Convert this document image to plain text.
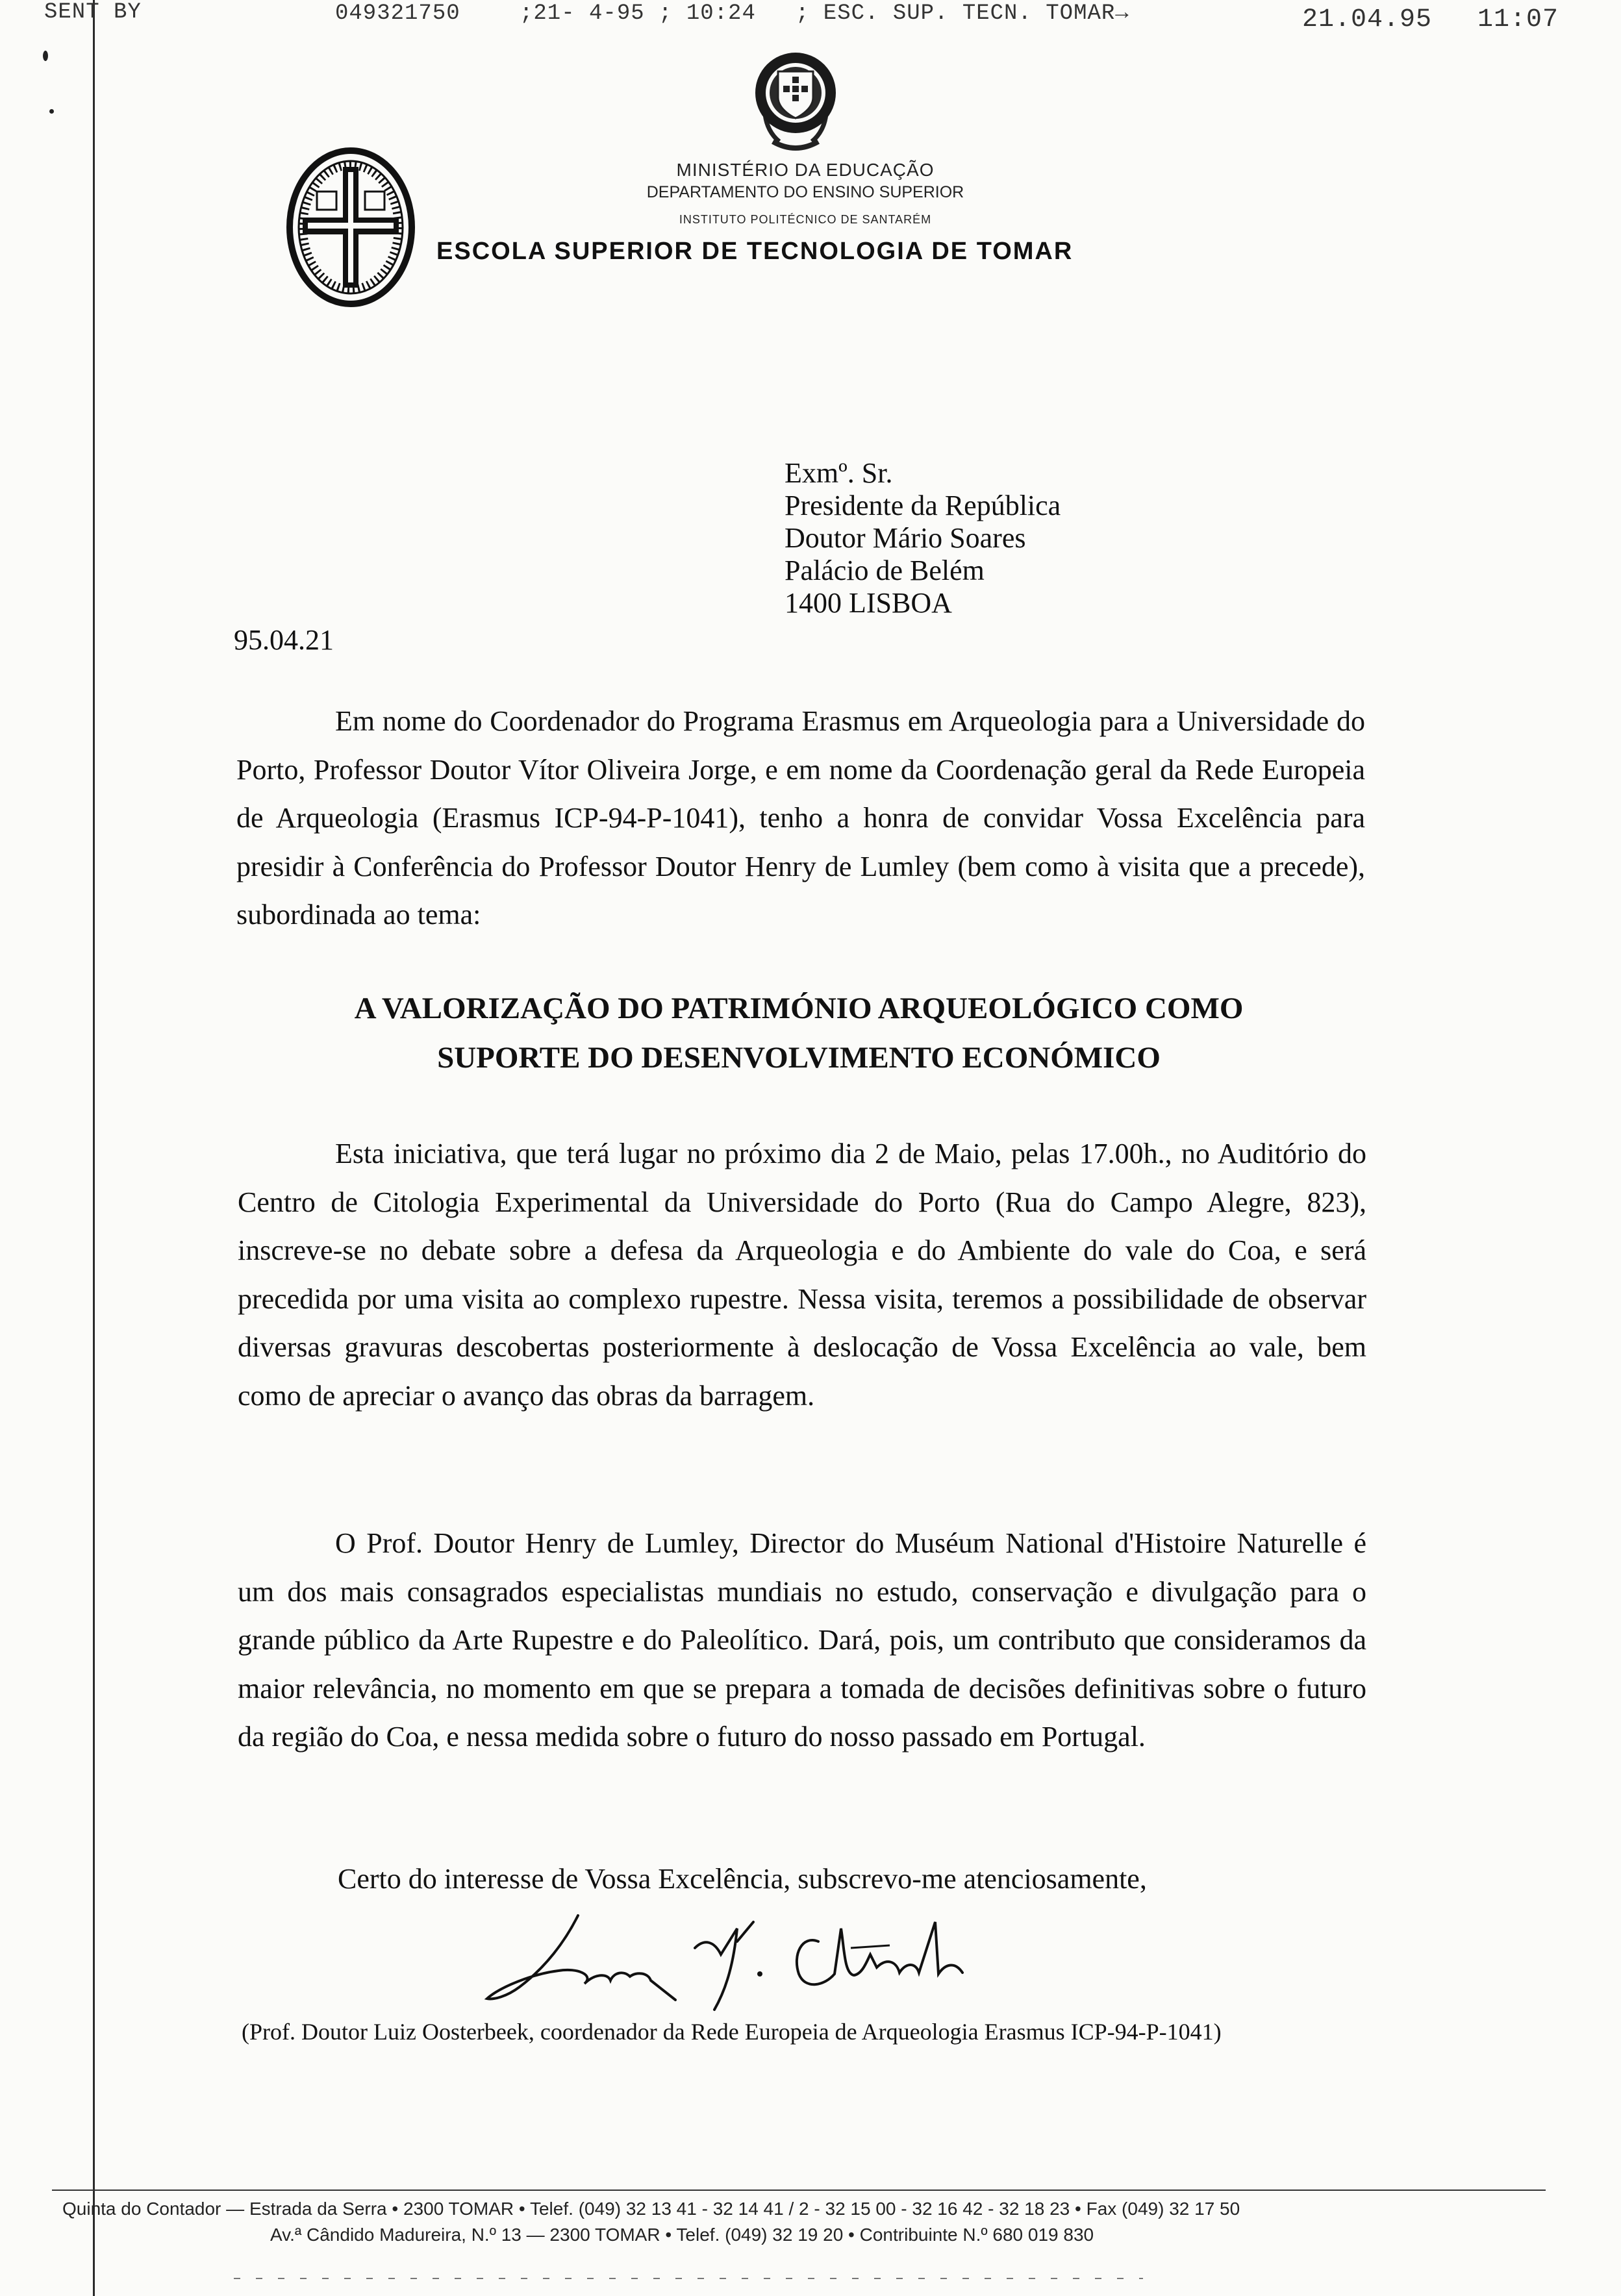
SENT BY	049321750	;21- 4-95 ; 10:24 ; ESC. SUP. TECN. TOMAR→	21.04.95 11:07
MINISTÉRIO DA EDUCAÇÃO
DEPARTAMENTO DO ENSINO SUPERIOR
INSTITUTO POLITÉCNICO DE SANTARÉM
ESCOLA SUPERIOR DE TECNOLOGIA DE TOMAR
Exmº. Sr.
Presidente da República
Doutor Mário Soares
Palácio de Belém
1400 LISBOA
95.04.21
Em nome do Coordenador do Programa Erasmus em Arqueologia para a Universidade do Porto, Professor Doutor Vítor Oliveira Jorge, e em nome da Coordenação geral da Rede Europeia de Arqueologia (Erasmus ICP-94-P-1041), tenho a honra de convidar Vossa Excelência para presidir à Conferência do Professor Doutor Henry de Lumley (bem como à visita que a precede), subordinada ao tema:
A VALORIZAÇÃO DO PATRIMÓNIO ARQUEOLÓGICO COMO
SUPORTE DO DESENVOLVIMENTO ECONÓMICO
Esta iniciativa, que terá lugar no próximo dia 2 de Maio, pelas 17.00h., no Auditório do Centro de Citologia Experimental da Universidade do Porto (Rua do Campo Alegre, 823), inscreve-se no debate sobre a defesa da Arqueologia e do Ambiente do vale do Coa, e será precedida por uma visita ao complexo rupestre. Nessa visita, teremos a possibilidade de observar diversas gravuras descobertas posteriormente à deslocação de Vossa Excelência ao vale, bem como de apreciar o avanço das obras da barragem.
O Prof. Doutor Henry de Lumley, Director do Muséum National d'Histoire Naturelle é um dos mais consagrados especialistas mundiais no estudo, conservação e divulgação para o grande público da Arte Rupestre e do Paleolítico. Dará, pois, um contributo que consideramos da maior relevância, no momento em que se prepara a tomada de decisões definitivas sobre o futuro da região do Coa, e nessa medida sobre o futuro do nosso passado em Portugal.
Certo do interesse de Vossa Excelência, subscrevo-me atenciosamente,
(Prof. Doutor Luiz Oosterbeek, coordenador da Rede Europeia de Arqueologia Erasmus ICP-94-P-1041)
Quinta do Contador — Estrada da Serra • 2300 TOMAR • Telef. (049) 32 13 41 - 32 14 41 / 2 - 32 15 00 - 32 16 42 - 32 18 23 • Fax (049) 32 17 50
Av.ª Cândido Madureira, N.º 13 — 2300 TOMAR • Telef. (049) 32 19 20 • Contribuinte N.º 680 019 830
